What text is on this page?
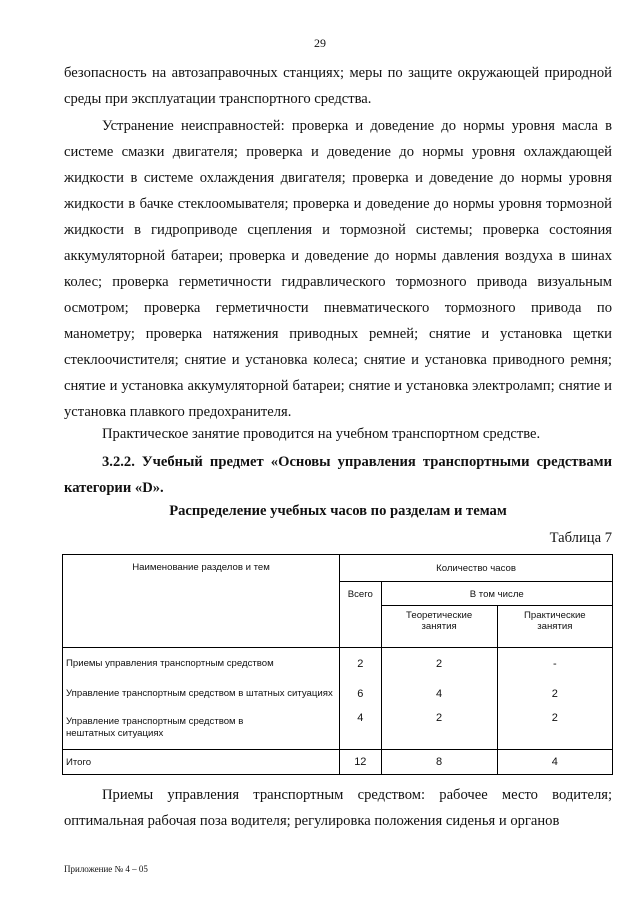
29

безопасность на автозаправочных станциях; меры по защите окружающей природной среды при эксплуатации транспортного средства.

Устранение неисправностей: проверка и доведение до нормы уровня масла в системе смазки двигателя; проверка и доведение до нормы уровня охлаждающей жидкости в системе охлаждения двигателя; проверка и доведение до нормы уровня жидкости в бачке стеклоомывателя; проверка и доведение до нормы уровня тормозной жидкости в гидроприводе сцепления и тормозной системы; проверка состояния аккумуляторной батареи; проверка и доведение до нормы давления воздуха в шинах колес; проверка герметичности гидравлического тормозного привода визуальным осмотром; проверка герметичности пневматического тормозного привода по манометру; проверка натяжения приводных ремней; снятие и установка щетки стеклоочистителя; снятие и установка колеса; снятие и установка приводного ремня; снятие и установка аккумуляторной батареи; снятие и установка электроламп; снятие и установка плавкого предохранителя.

Практическое занятие проводится на учебном транспортном средстве.

3.2.2. Учебный предмет «Основы управления транспортными средствами категории «D».

Распределение учебных часов по разделам и темам
Таблица 7
Наименование разделов и тем	Количество часов		
	Всего	В том числе	
		Теоретические занятия	Практические занятия
Приемы управления транспортным средством	2	2	-
Управление транспортным средством в штатных ситуациях	6	4	2
Управление транспортным средством в нештатных ситуациях	4	2	2
Итого	12	8	4

Приемы управления транспортным средством: рабочее место водителя; оптимальная рабочая поза водителя; регулировка положения сиденья и органов

Приложение № 4 – 05
